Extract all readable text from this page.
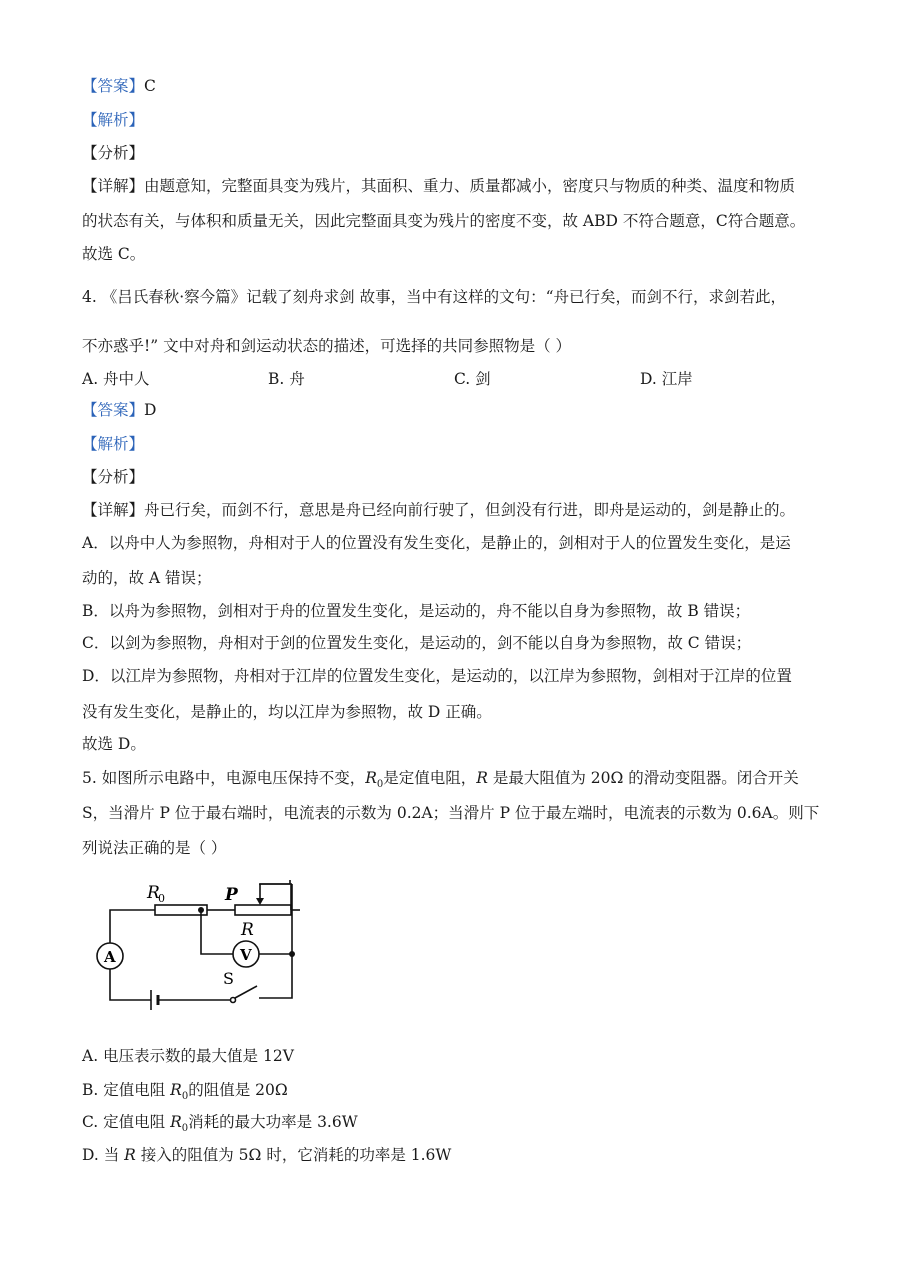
【答案】C
【解析】
【分析】
【详解】由题意知，完整面具变为残片，其面积、重力、质量都减小，密度只与物质的种类、温度和物质
的状态有关，与体积和质量无关，因此完整面具变为残片的密度不变，故 ABD 不符合题意，C符合题意。
故选 C。
4. 《吕氏春秋·察今篇》记载了刻舟求剑 故事，当中有这样的文句：“舟已行矣，而剑不行，求剑若此，
不亦惑乎!” 文中对舟和剑运动状态的描述，可选择的共同参照物是（ ）
A. 舟中人	B. 舟	C. 剑	D. 江岸
【答案】D
【解析】
【分析】
【详解】舟已行矣，而剑不行，意思是舟已经向前行驶了，但剑没有行进，即舟是运动的，剑是静止的。
A．以舟中人为参照物，舟相对于人的位置没有发生变化，是静止的，剑相对于人的位置发生变化，是运
动的，故 A 错误；
B．以舟为参照物，剑相对于舟的位置发生变化，是运动的，舟不能以自身为参照物，故 B 错误；
C．以剑为参照物，舟相对于剑的位置发生变化，是运动的，剑不能以自身为参照物，故 C 错误；
D．以江岸为参照物，舟相对于江岸的位置发生变化，是运动的，以江岸为参照物，剑相对于江岸的位置
没有发生变化，是静止的，均以江岸为参照物，故 D 正确。
故选 D。
5. 如图所示电路中，电源电压保持不变，$R_0$是定值电阻，R 是最大阻值为 20Ω 的滑动变阻器。闭合开关
S，当滑片 P 位于最右端时，电流表的示数为 0.2A；当滑片 P 位于最左端时，电流表的示数为 0.6A。则下
列说法正确的是（ ）
R
0	P
R
A	V
S
A. 电压表示数的最大值是 12V
B. 定值电阻 $R_0$的阻值是 20Ω
C. 定值电阻 $R_0$消耗的最大功率是 3.6W
D. 当 R 接入的阻值为 5Ω 时，它消耗的功率是 1.6W
